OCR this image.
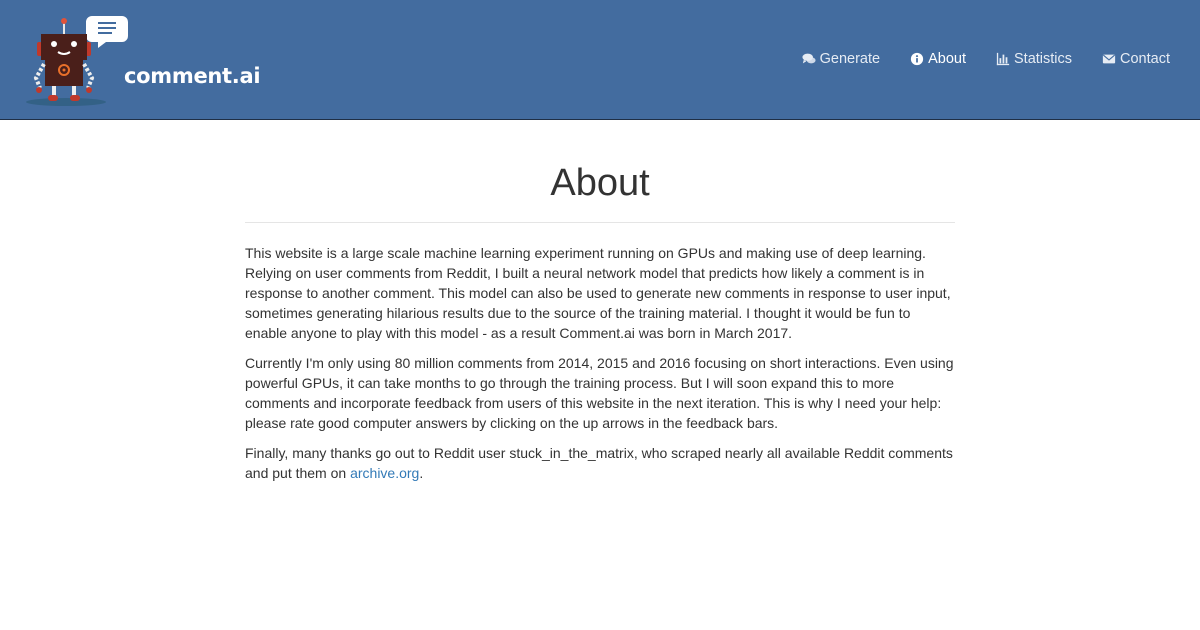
comment.ai
Generate	About	Statistics	Contact
About

This website is a large scale machine learning experiment running on GPUs and making use of deep learning. Relying on user comments from Reddit, I built a neural network model that predicts how likely a comment is in response to another comment. This model can also be used to generate new comments in response to user input, sometimes generating hilarious results due to the source of the training material. I thought it would be fun to enable anyone to play with this model - as a result Comment.ai was born in March 2017.

Currently I'm only using 80 million comments from 2014, 2015 and 2016 focusing on short interactions. Even using powerful GPUs, it can take months to go through the training process. But I will soon expand this to more comments and incorporate feedback from users of this website in the next iteration. This is why I need your help: please rate good computer answers by clicking on the up arrows in the feedback bars.

Finally, many thanks go out to Reddit user stuck_in_the_matrix, who scraped nearly all available Reddit comments and put them on archive.org.
